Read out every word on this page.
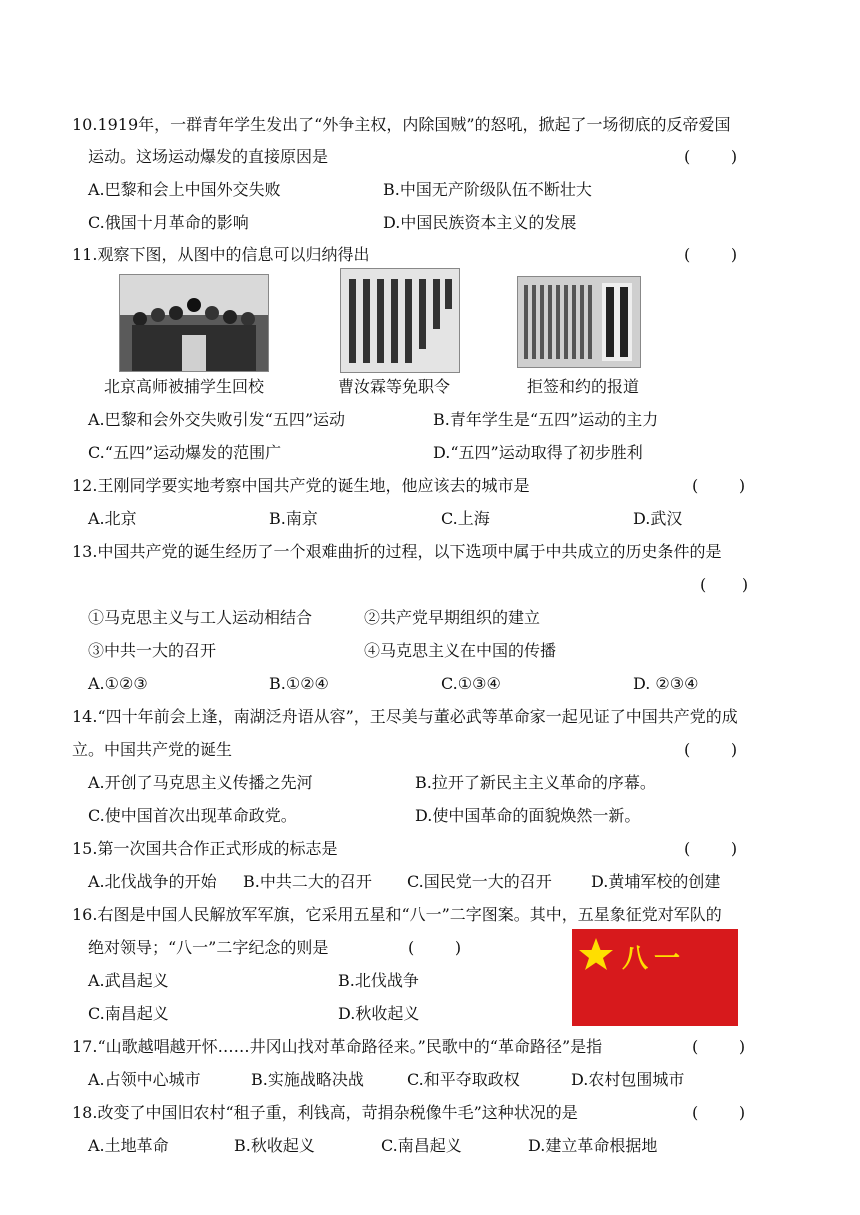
10.1919年，一群青年学生发出了“外争主权，内除国贼”的怒吼，掀起了一场彻底的反帝爱国
运动。这场运动爆发的直接原因是	(        )
A.巴黎和会上中国外交失败	B.中国无产阶级队伍不断壮大
C.俄国十月革命的影响	D.中国民族资本主义的发展
11.观察下图，从图中的信息可以归纳得出	(        )
北京高师被捕学生回校	曹汝霖等免职令	拒签和约的报道
A.巴黎和会外交失败引发“五四”运动	B.青年学生是“五四”运动的主力
C.“五四”运动爆发的范围广	D.“五四”运动取得了初步胜利
12.王刚同学要实地考察中国共产党的诞生地，他应该去的城市是	(        )
A.北京	B.南京	C.上海	D.武汉
13.中国共产党的诞生经历了一个艰难曲折的过程，以下选项中属于中共成立的历史条件的是
(       )
①马克思主义与工人运动相结合	②共产党早期组织的建立
③中共一大的召开	④马克思主义在中国的传播
A.①②③	B.①②④	C.①③④	D. ②③④
14.“四十年前会上逢，南湖泛舟语从容”，王尽美与董必武等革命家一起见证了中国共产党的成
立。中国共产党的诞生	(        )
A.开创了马克思主义传播之先河	B.拉开了新民主主义革命的序幕。
C.使中国首次出现革命政党。	D.使中国革命的面貌焕然一新。
15.第一次国共合作正式形成的标志是	(        )
A.北伐战争的开始 B.中共二大的召开 C.国民党一大的召开 D.黄埔军校的创建
16.右图是中国人民解放军军旗，它采用五星和“八一”二字图案。其中，五星象征党对军队的
绝对领导；“八一”二字纪念的则是	(        )
A.武昌起义	B.北伐战争
C.南昌起义	D.秋收起义
八一
17.“山歌越唱越开怀……井冈山找对革命路径来。”民歌中的“革命路径”是指	(        )
A.占领中心城市	B.实施战略决战	C.和平夺取政权	D.农村包围城市
18.改变了中国旧农村“租子重，利钱高，苛捐杂税像牛毛”这种状况的是	(        )
A.土地革命	B.秋收起义	C.南昌起义	D.建立革命根据地
